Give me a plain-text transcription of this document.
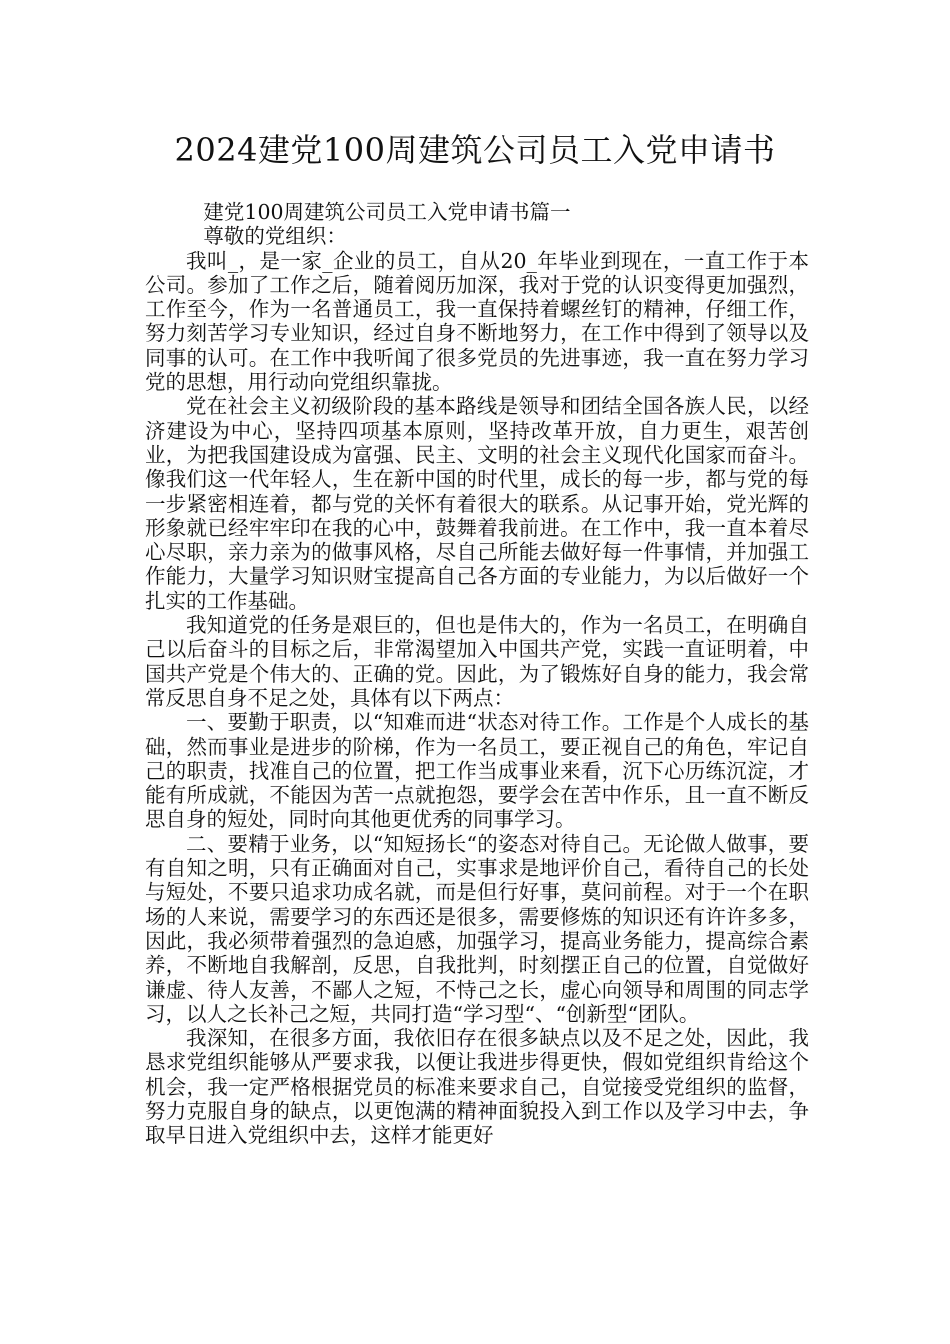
2024建党100周建筑公司员工入党申请书

建党100周建筑公司员工入党申请书篇一

尊敬的党组织：

我叫_，是一家_企业的员工，自从20_年毕业到现在，一直工作于本公司。参加了工作之后，随着阅历加深，我对于党的认识变得更加强烈，工作至今，作为一名普通员工，我一直保持着螺丝钉的精神，仔细工作，努力刻苦学习专业知识，经过自身不断地努力，在工作中得到了领导以及同事的认可。在工作中我听闻了很多党员的先进事迹，我一直在努力学习党的思想，用行动向党组织靠拢。

党在社会主义初级阶段的基本路线是领导和团结全国各族人民，以经济建设为中心，坚持四项基本原则，坚持改革开放，自力更生，艰苦创业，为把我国建设成为富强、民主、文明的社会主义现代化国家而奋斗。像我们这一代年轻人，生在新中国的时代里，成长的每一步，都与党的每一步紧密相连着，都与党的关怀有着很大的联系。从记事开始，党光辉的形象就已经牢牢印在我的心中，鼓舞着我前进。在工作中，我一直本着尽心尽职，亲力亲为的做事风格，尽自己所能去做好每一件事情，并加强工作能力，大量学习知识财宝提高自己各方面的专业能力，为以后做好一个扎实的工作基础。

我知道党的任务是艰巨的，但也是伟大的，作为一名员工，在明确自己以后奋斗的目标之后，非常渴望加入中国共产党，实践一直证明着，中国共产党是个伟大的、正确的党。因此，为了锻炼好自身的能力，我会常常反思自身不足之处，具体有以下两点：

一、要勤于职责，以“知难而进“状态对待工作。工作是个人成长的基础，然而事业是进步的阶梯，作为一名员工，要正视自己的角色，牢记自己的职责，找准自己的位置，把工作当成事业来看，沉下心历练沉淀，才能有所成就，不能因为苦一点就抱怨，要学会在苦中作乐，且一直不断反思自身的短处，同时向其他更优秀的同事学习。

二、要精于业务，以“知短扬长“的姿态对待自己。无论做人做事，要有自知之明，只有正确面对自己，实事求是地评价自己，看待自己的长处与短处，不要只追求功成名就，而是但行好事，莫问前程。对于一个在职场的人来说，需要学习的东西还是很多，需要修炼的知识还有许许多多，因此，我必须带着强烈的急迫感，加强学习，提高业务能力，提高综合素养，不断地自我解剖，反思，自我批判，时刻摆正自己的位置，自觉做好谦虚、待人友善，不鄙人之短，不恃己之长，虚心向领导和周围的同志学习，以人之长补己之短，共同打造“学习型“、“创新型“团队。

我深知，在很多方面，我依旧存在很多缺点以及不足之处，因此，我恳求党组织能够从严要求我，以便让我进步得更快，假如党组织肯给这个机会，我一定严格根据党员的标准来要求自己，自觉接受党组织的监督，努力克服自身的缺点，以更饱满的精神面貌投入到工作以及学习中去，争取早日进入党组织中去，这样才能更好
